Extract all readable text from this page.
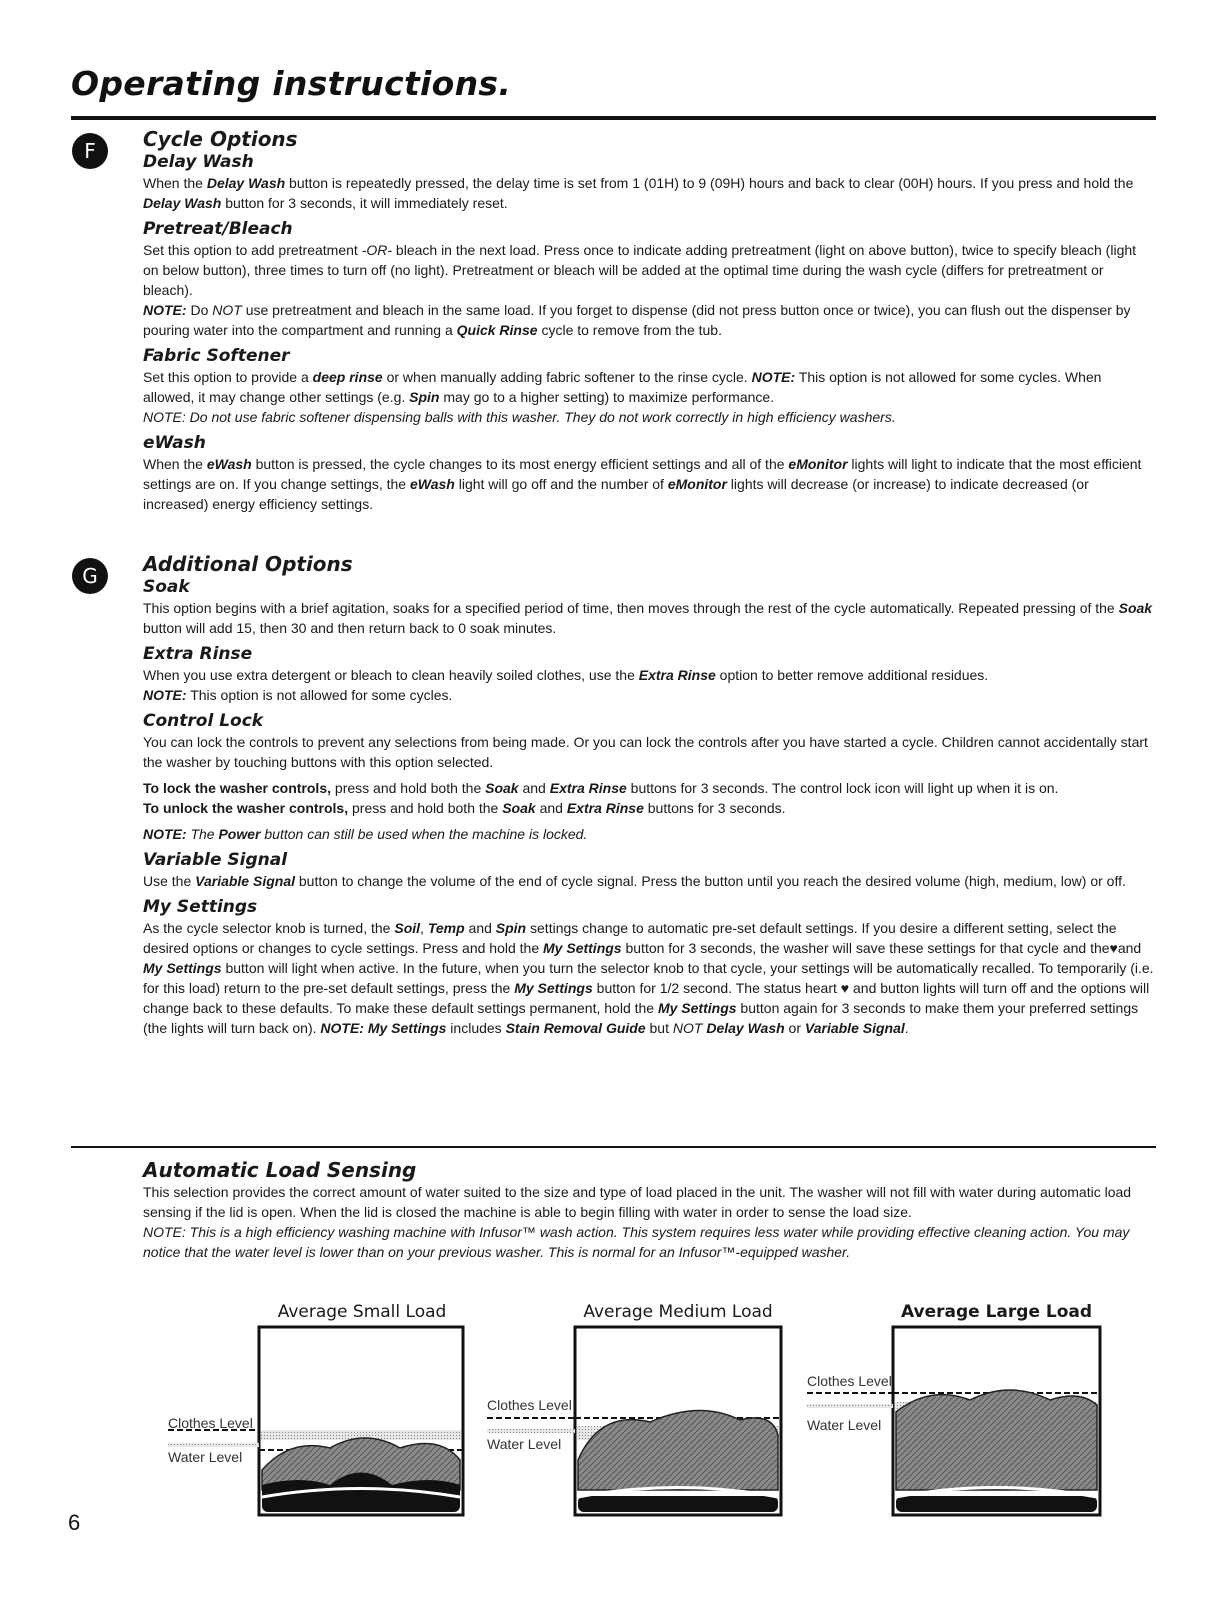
Operating instructions.
F	Cycle Options
Delay Wash

When the Delay Wash button is repeatedly pressed, the delay time is set from 1 (01H) to 9 (09H) hours and back to clear (00H) hours. If you press and hold the Delay Wash button for 3 seconds, it will immediately reset.

Pretreat/Bleach

Set this option to add pretreatment -OR- bleach in the next load. Press once to indicate adding pretreatment (light on above button), twice to specify bleach (light on below button), three times to turn off (no light). Pretreatment or bleach will be added at the optimal time during the wash cycle (differs for pretreatment or bleach).

NOTE: Do NOT use pretreatment and bleach in the same load. If you forget to dispense (did not press button once or twice), you can flush out the dispenser by pouring water into the compartment and running a Quick Rinse cycle to remove from the tub.

Fabric Softener

Set this option to provide a deep rinse or when manually adding fabric softener to the rinse cycle. NOTE: This option is not allowed for some cycles. When allowed, it may change other settings (e.g. Spin may go to a higher setting) to maximize performance.

NOTE: Do not use fabric softener dispensing balls with this washer. They do not work correctly in high efficiency washers.

eWash

When the eWash button is pressed, the cycle changes to its most energy efficient settings and all of the eMonitor lights will light to indicate that the most efficient settings are on. If you change settings, the eWash light will go off and the number of eMonitor lights will decrease (or increase) to indicate decreased (or increased) energy efficiency settings.

G	Additional Options
Soak

This option begins with a brief agitation, soaks for a specified period of time, then moves through the rest of the cycle automatically. Repeated pressing of the Soak button will add 15, then 30 and then return back to 0 soak minutes.

Extra Rinse

When you use extra detergent or bleach to clean heavily soiled clothes, use the Extra Rinse option to better remove additional residues.

NOTE: This option is not allowed for some cycles.

Control Lock

You can lock the controls to prevent any selections from being made. Or you can lock the controls after you have started a cycle. Children cannot accidentally start the washer by touching buttons with this option selected.

To lock the washer controls, press and hold both the Soak and Extra Rinse buttons for 3 seconds. The control lock icon will light up when it is on.

To unlock the washer controls, press and hold both the Soak and Extra Rinse buttons for 3 seconds.

NOTE: The Power button can still be used when the machine is locked.

Variable Signal

Use the Variable Signal button to change the volume of the end of cycle signal. Press the button until you reach the desired volume (high, medium, low) or off.

My Settings

As the cycle selector knob is turned, the Soil, Temp and Spin settings change to automatic pre-set default settings. If you desire a different setting, select the desired options or changes to cycle settings. Press and hold the My Settings button for 3 seconds, the washer will save these settings for that cycle and the♥and My Settings button will light when active. In the future, when you turn the selector knob to that cycle, your settings will be automatically recalled. To temporarily (i.e. for this load) return to the pre-set default settings, press the My Settings button for 1/2 second. The status heart ♥ and button lights will turn off and the options will change back to these defaults. To make these default settings permanent, hold the My Settings button again for 3 seconds to make them your preferred settings (the lights will turn back on). NOTE: My Settings includes Stain Removal Guide but NOT Delay Wash or Variable Signal.

Automatic Load Sensing

This selection provides the correct amount of water suited to the size and type of load placed in the unit. The washer will not fill with water during automatic load sensing if the lid is open. When the lid is closed the machine is able to begin filling with water in order to sense the load size.

NOTE: This is a high efficiency washing machine with Infusor™ wash action. This system requires less water while providing effective cleaning action. You may notice that the water level is lower than on your previous washer. This is normal for an Infusor™-equipped washer.

Average Small Load	Average Medium Load	Average Large Load
Clothes Level
Water Level
Clothes Level
Water Level
Clothes Level
Water Level
6
